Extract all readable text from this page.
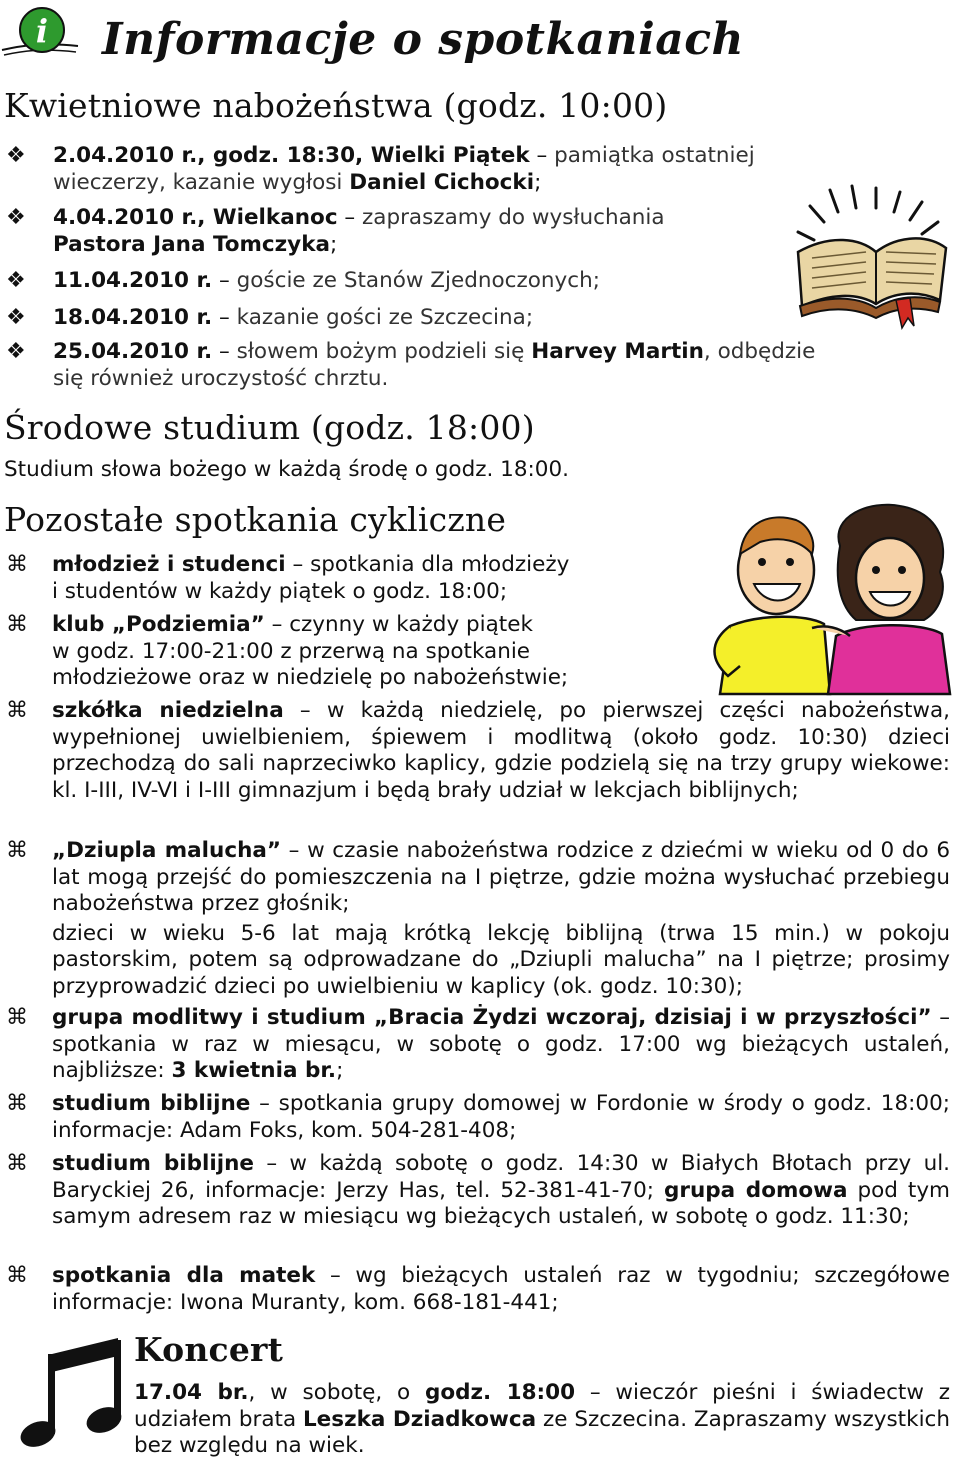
i Informacje o spotkaniach
Kwietniowe nabożeństwa (godz. 10:00)
❖ 2.04.2010 r., godz. 18:30, Wielki Piątek – pamiątka ostatniej
wieczerzy, kazanie wygłosi Daniel Cichocki;
❖ 4.04.2010 r., Wielkanoc – zapraszamy do wysłuchania
Pastora Jana Tomczyka;
❖ 11.04.2010 r. – goście ze Stanów Zjednoczonych;
❖ 18.04.2010 r. – kazanie gości ze Szczecina;
❖ 25.04.2010 r. – słowem bożym podzieli się Harvey Martin, odbędzie
się również uroczystość chrztu.
Środowe studium (godz. 18:00)
Studium słowa bożego w każdą środę o godz. 18:00.
Pozostałe spotkania cykliczne
⌘ młodzież i studenci – spotkania dla młodzieży
i studentów w każdy piątek o godz. 18:00;
⌘ klub „Podziemia” – czynny w każdy piątek
w godz. 17:00-21:00 z przerwą na spotkanie
młodzieżowe oraz w niedzielę po nabożeństwie;
⌘ szkółka niedzielna – w każdą niedzielę, po pierwszej części nabożeństwa, wypełnionej uwielbieniem, śpiewem i modlitwą (około godz. 10:30) dzieci przechodzą do sali naprzeciwko kaplicy, gdzie podzielą się na trzy grupy wiekowe: kl. I-III, IV-VI i I-III gimnazjum i będą brały udział w lekcjach biblijnych;
⌘ „Dziupla malucha” – w czasie nabożeństwa rodzice z dziećmi w wieku od 0 do 6 lat mogą przejść do pomieszczenia na I piętrze, gdzie można wysłuchać przebiegu nabożeństwa przez głośnik;
dzieci w wieku 5-6 lat mają krótką lekcję biblijną (trwa 15 min.) w pokoju pastorskim, potem są odprowadzane do „Dziupli malucha” na I piętrze; prosimy przyprowadzić dzieci po uwielbieniu w kaplicy (ok. godz. 10:30);
⌘ grupa modlitwy i studium „Bracia Żydzi wczoraj, dzisiaj i w przyszłości” – spotkania w raz w miesącu, w sobotę o godz. 17:00 wg bieżących ustaleń, najbliższe: 3 kwietnia br.;
⌘ studium biblijne – spotkania grupy domowej w Fordonie w środy o godz. 18:00; informacje: Adam Foks, kom. 504-281-408;
⌘ studium biblijne – w każdą sobotę o godz. 14:30 w Białych Błotach przy ul. Baryckiej 26, informacje: Jerzy Has, tel. 52-381-41-70; grupa domowa pod tym samym adresem raz w miesiącu wg bieżących ustaleń, w sobotę o godz. 11:30;
⌘ spotkania dla matek – wg bieżących ustaleń raz w tygodniu; szczegółowe informacje: Iwona Muranty, kom. 668-181-441;
Koncert
17.04 br., w sobotę, o godz. 18:00 – wieczór pieśni i świadectw z udziałem brata Leszka Dziadkowca ze Szczecina. Zapraszamy wszystkich bez względu na wiek.
